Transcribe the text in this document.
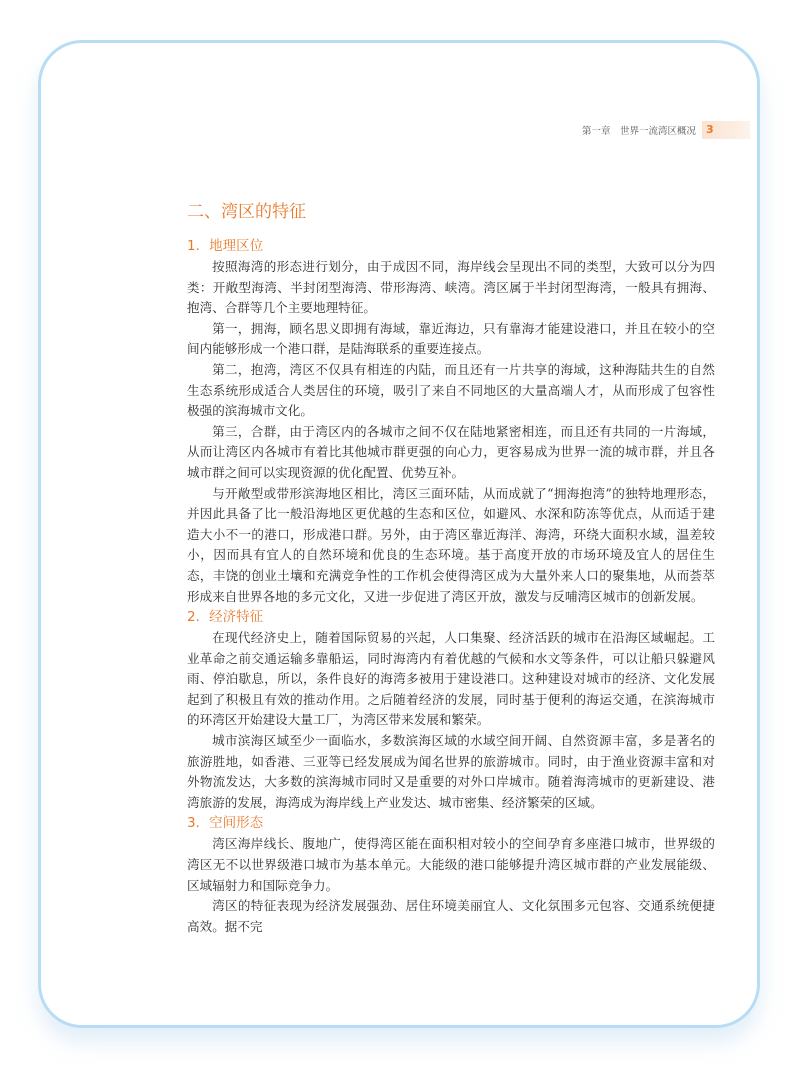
第一章　世界一流湾区概况 3
二、湾区的特征
1．地理区位

按照海湾的形态进行划分，由于成因不同，海岸线会呈现出不同的类型，大致可以分为四类：开敞型海湾、半封闭型海湾、带形海湾、峡湾。湾区属于半封闭型海湾，一般具有拥海、抱湾、合群等几个主要地理特征。

第一，拥海，顾名思义即拥有海域，靠近海边，只有靠海才能建设港口，并且在较小的空间内能够形成一个港口群，是陆海联系的重要连接点。

第二，抱湾，湾区不仅具有相连的内陆，而且还有一片共享的海域，这种海陆共生的自然生态系统形成适合人类居住的环境，吸引了来自不同地区的大量高端人才，从而形成了包容性极强的滨海城市文化。

第三，合群，由于湾区内的各城市之间不仅在陆地紧密相连，而且还有共同的一片海域，从而让湾区内各城市有着比其他城市群更强的向心力，更容易成为世界一流的城市群，并且各城市群之间可以实现资源的优化配置、优势互补。

与开敞型或带形滨海地区相比，湾区三面环陆，从而成就了“拥海抱湾”的独特地理形态，并因此具备了比一般沿海地区更优越的生态和区位，如避风、水深和防冻等优点，从而适于建造大小不一的港口，形成港口群。另外，由于湾区靠近海洋、海湾，环绕大面积水域，温差较小，因而具有宜人的自然环境和优良的生态环境。基于高度开放的市场环境及宜人的居住生态，丰饶的创业土壤和充满竞争性的工作机会使得湾区成为大量外来人口的聚集地，从而荟萃形成来自世界各地的多元文化，又进一步促进了湾区开放，激发与反哺湾区城市的创新发展。

2．经济特征

在现代经济史上，随着国际贸易的兴起，人口集聚、经济活跃的城市在沿海区域崛起。工业革命之前交通运输多靠船运，同时海湾内有着优越的气候和水文等条件，可以让船只躲避风雨、停泊歇息，所以，条件良好的海湾多被用于建设港口。这种建设对城市的经济、文化发展起到了积极且有效的推动作用。之后随着经济的发展，同时基于便利的海运交通，在滨海城市的环湾区开始建设大量工厂，为湾区带来发展和繁荣。

城市滨海区域至少一面临水，多数滨海区域的水域空间开阔、自然资源丰富，多是著名的旅游胜地，如香港、三亚等已经发展成为闻名世界的旅游城市。同时，由于渔业资源丰富和对外物流发达，大多数的滨海城市同时又是重要的对外口岸城市。随着海湾城市的更新建设、港湾旅游的发展，海湾成为海岸线上产业发达、城市密集、经济繁荣的区域。

3．空间形态

湾区海岸线长、腹地广，使得湾区能在面积相对较小的空间孕育多座港口城市，世界级的湾区无不以世界级港口城市为基本单元。大能级的港口能够提升湾区城市群的产业发展能级、区域辐射力和国际竞争力。

湾区的特征表现为经济发展强劲、居住环境美丽宜人、文化氛围多元包容、交通系统便捷高效。据不完
